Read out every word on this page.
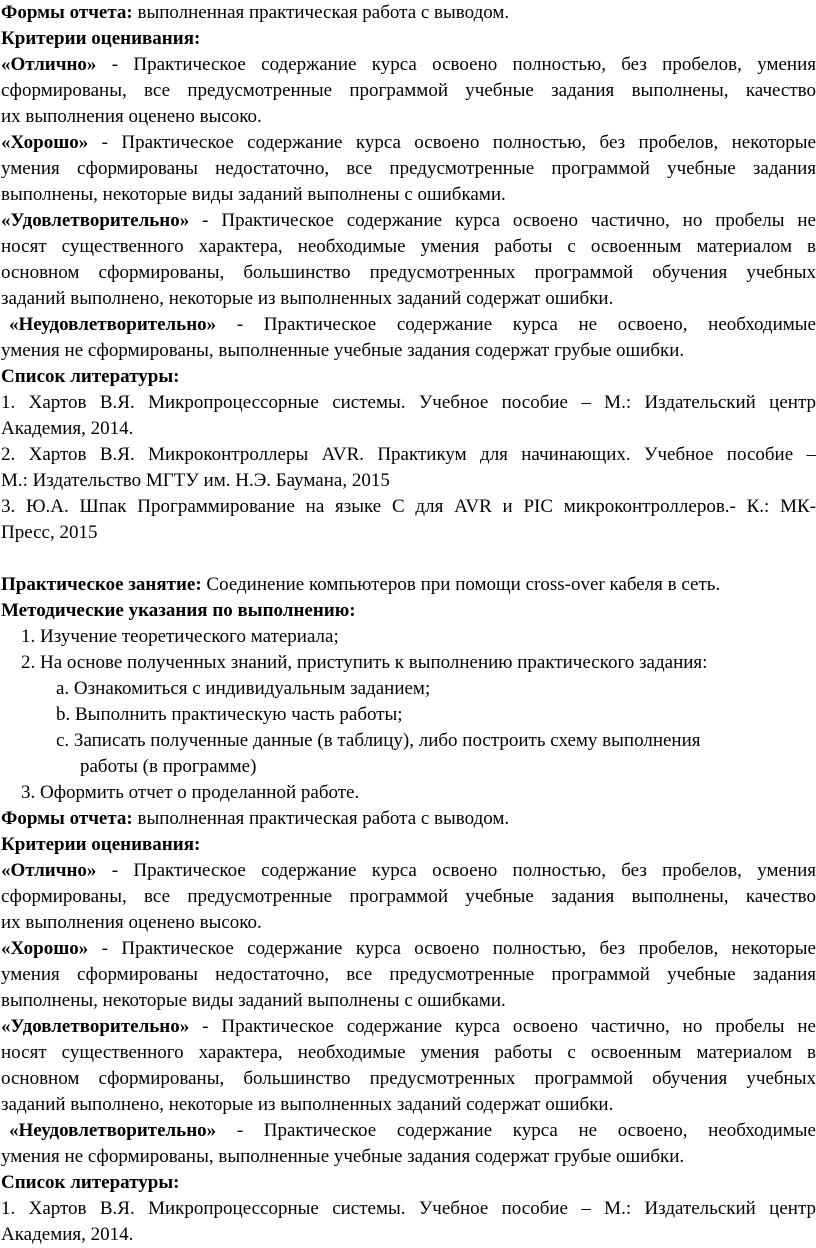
Формы отчета: выполненная практическая работа с выводом.
Критерии оценивания:
«Отлично» - Практическое содержание курса освоено полностью, без пробелов, умения
сформированы, все предусмотренные программой учебные задания выполнены, качество
их выполнения оценено высоко.
«Хорошо» - Практическое содержание курса освоено полностью, без пробелов, некоторые
умения сформированы недостаточно, все предусмотренные программой учебные задания
выполнены, некоторые виды заданий выполнены с ошибками.
«Удовлетворительно» - Практическое содержание курса освоено частично, но пробелы не
носят существенного характера, необходимые умения работы с освоенным материалом в
основном сформированы, большинство предусмотренных программой обучения учебных
заданий выполнено, некоторые из выполненных заданий содержат ошибки.
«Неудовлетворительно» - Практическое содержание курса не освоено, необходимые
умения не сформированы, выполненные учебные задания содержат грубые ошибки.
Список литературы:
1. Хартов В.Я. Микропроцессорные системы. Учебное пособие – М.: Издательский центр
Академия, 2014.
2. Хартов В.Я. Микроконтроллеры AVR. Практикум для начинающих. Учебное пособие –
М.: Издательство МГТУ им. Н.Э. Баумана, 2015
3. Ю.А. Шпак Программирование на языке С для AVR и PIC микроконтроллеров.- К.: МК-
Пресс, 2015
Практическое занятие: Соединение компьютеров при помощи cross-over кабеля в сеть.
Методические указания по выполнению:
1. Изучение теоретического материала;
2. На основе полученных знаний, приступить к выполнению практического задания:
a. Ознакомиться с индивидуальным заданием;
b. Выполнить практическую часть работы;
c. Записать полученные данные (в таблицу), либо построить схему выполнения
работы (в программе)
3. Оформить отчет о проделанной работе.
Формы отчета: выполненная практическая работа с выводом.
Критерии оценивания:
«Отлично» - Практическое содержание курса освоено полностью, без пробелов, умения
сформированы, все предусмотренные программой учебные задания выполнены, качество
их выполнения оценено высоко.
«Хорошо» - Практическое содержание курса освоено полностью, без пробелов, некоторые
умения сформированы недостаточно, все предусмотренные программой учебные задания
выполнены, некоторые виды заданий выполнены с ошибками.
«Удовлетворительно» - Практическое содержание курса освоено частично, но пробелы не
носят существенного характера, необходимые умения работы с освоенным материалом в
основном сформированы, большинство предусмотренных программой обучения учебных
заданий выполнено, некоторые из выполненных заданий содержат ошибки.
«Неудовлетворительно» - Практическое содержание курса не освоено, необходимые
умения не сформированы, выполненные учебные задания содержат грубые ошибки.
Список литературы:
1. Хартов В.Я. Микропроцессорные системы. Учебное пособие – М.: Издательский центр
Академия, 2014.
